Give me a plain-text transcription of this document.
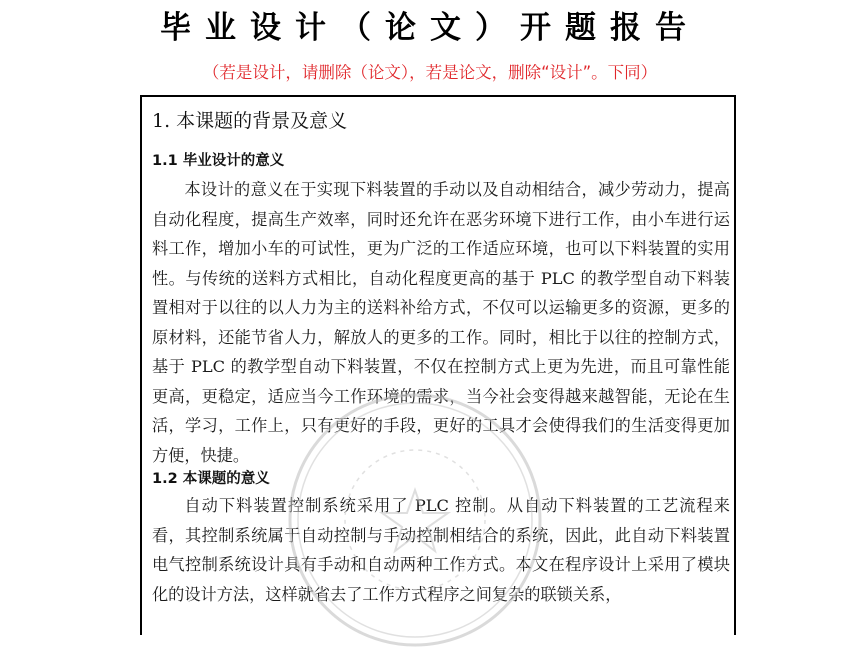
毕业设计（论文）开题报告
（若是设计，请删除（论文），若是论文，删除“设计”。下同）
1. 本课题的背景及意义
1.1 毕业设计的意义

本设计的意义在于实现下料装置的手动以及自动相结合，减少劳动力，提高自动化程度，提高生产效率，同时还允许在恶劣环境下进行工作，由小车进行运料工作，增加小车的可试性，更为广泛的工作适应环境，也可以下料装置的实用性。与传统的送料方式相比，自动化程度更高的基于 PLC 的教学型自动下料装置相对于以往的以人力为主的送料补给方式，不仅可以运输更多的资源，更多的原材料，还能节省人力，解放人的更多的工作。同时，相比于以往的控制方式，基于 PLC 的教学型自动下料装置，不仅在控制方式上更为先进，而且可靠性能更高，更稳定，适应当今工作环境的需求，当今社会变得越来越智能，无论在生活，学习，工作上，只有更好的手段，更好的工具才会使得我们的生活变得更加方便，快捷。

1.2 本课题的意义

自动下料装置控制系统采用了 PLC 控制。从自动下料装置的工艺流程来看，其控制系统属于自动控制与手动控制相结合的系统，因此，此自动下料装置电气控制系统设计具有手动和自动两种工作方式。本文在程序设计上采用了模块化的设计方法，这样就省去了工作方式程序之间复杂的联锁关系，
